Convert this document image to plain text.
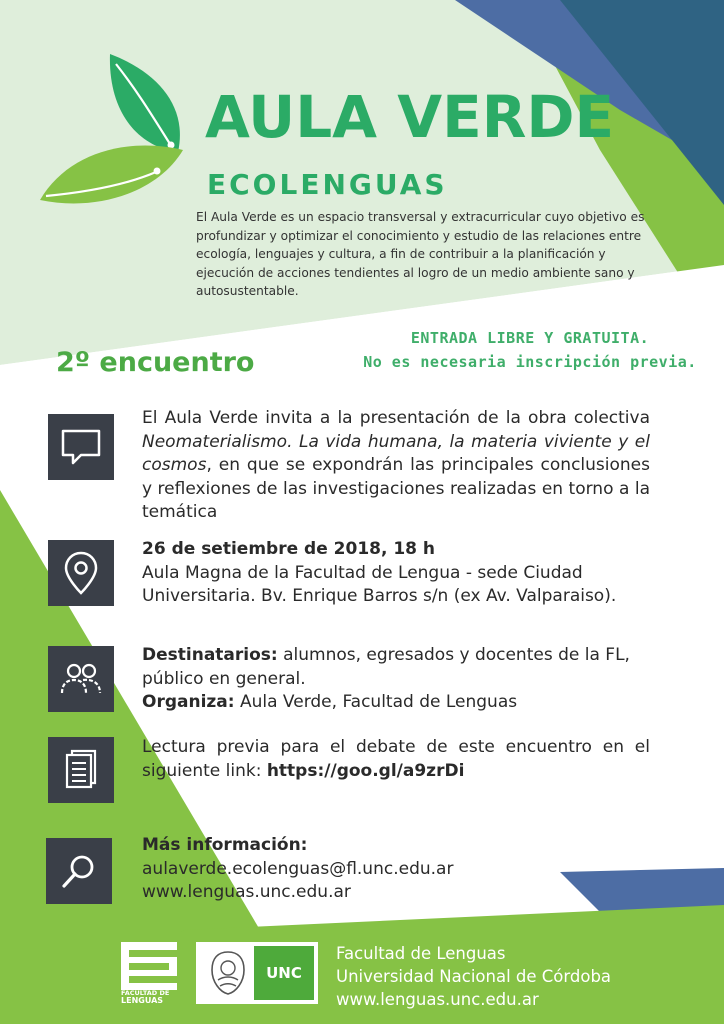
AULA VERDE
ECOLENGUAS
El Aula Verde es un espacio transversal y extracurricular cuyo objetivo es profundizar y optimizar el conocimiento y estudio de las relaciones entre ecología, lenguajes y cultura, a fin de contribuir a la planificación y ejecución de acciones tendientes al logro de un medio ambiente sano y autosustentable.
ENTRADA LIBRE Y GRATUITA.
No es necesaria inscripción previa.
2º encuentro
El Aula Verde invita a la presentación de la obra colectiva Neomaterialismo. La vida humana, la materia viviente y el cosmos, en que se expondrán las principales conclusiones y reflexiones de las investigaciones realizadas en torno a la temática
26 de setiembre de 2018, 18 h
Aula Magna de la Facultad de Lengua - sede Ciudad Universitaria. Bv. Enrique Barros s/n (ex Av. Valparaiso).
Destinatarios: alumnos, egresados y docentes de la FL, público en general.
Organiza: Aula Verde, Facultad de Lenguas
Lectura previa para el debate de este encuentro en el siguiente link: https://goo.gl/a9zrDi
Más información:
aulaverde.ecolenguas@fl.unc.edu.ar
www.lenguas.unc.edu.ar
FACULTAD DE
LENGUAS
UNC
Facultad de Lenguas
Universidad Nacional de Córdoba
www.lenguas.unc.edu.ar
